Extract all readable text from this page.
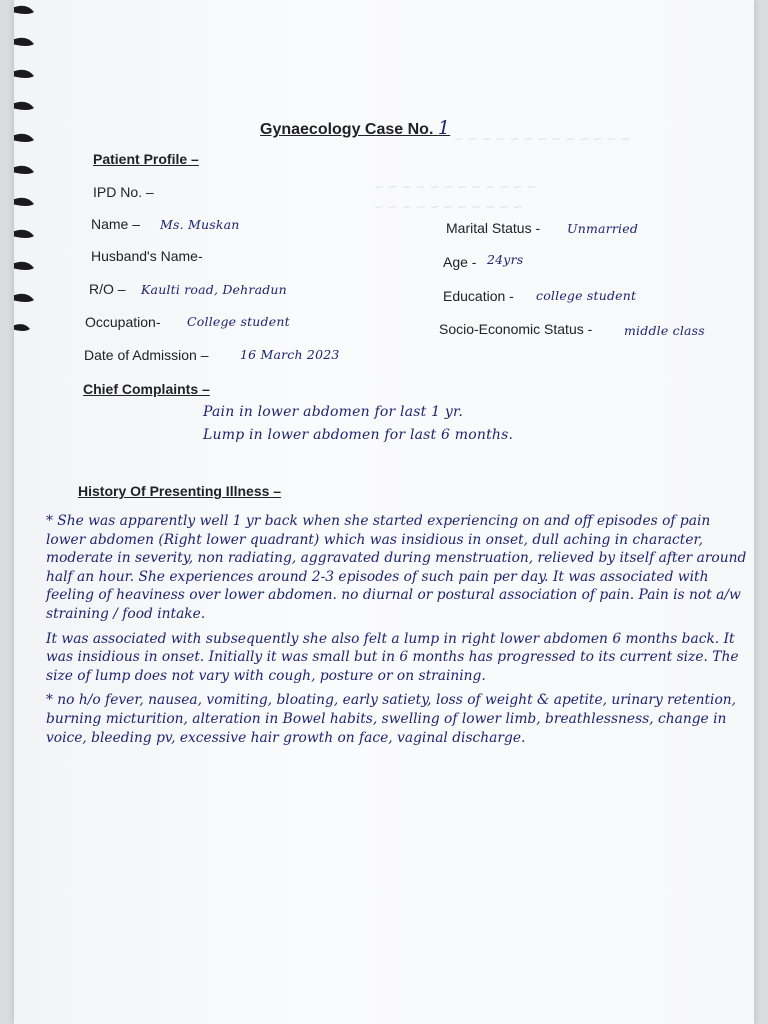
~ ~ ~ ~ ~ ~ ~ ~ ~ ~ ~ ~ ~
~ ~ ~ ~ ~ ~ ~ ~ ~ ~ ~ ~
~ ~ ~ ~ ~ ~ ~ ~ ~ ~ ~
Gynaecology Case No. 1
Patient Profile –
IPD No. –
Name – Ms. Muskan
Husband's Name-
R/O – Kaulti road, Dehradun
Occupation- College student
Date of Admission –	16 March 2023
Marital Status - Unmarried
Age - 24yrs
Education - college student
Socio-Economic Status -	middle class
Chief Complaints –
Pain in lower abdomen for last 1 yr.
Lump in lower abdomen for last 6 months.
History Of Presenting Illness –

* She was apparently well 1 yr back when she started experiencing on and off episodes of pain lower abdomen (Right lower quadrant) which was insidious in onset, dull aching in character, moderate in severity, non radiating, aggravated during menstruation, relieved by itself after around half an hour. She experiences around 2-3 episodes of such pain per day. It was associated with feeling of heaviness over lower abdomen. no diurnal or postural association of pain. Pain is not a/w straining / food intake.

It was associated with subsequently she also felt a lump in right lower abdomen 6 months back. It was insidious in onset. Initially it was small but in 6 months has progressed to its current size. The size of lump does not vary with cough, posture or on straining.

* no h/o fever, nausea, vomiting, bloating, early satiety, loss of weight & apetite, urinary retention, burning micturition, alteration in Bowel habits, swelling of lower limb, breathlessness, change in voice, bleeding pv, excessive hair growth on face, vaginal discharge.
